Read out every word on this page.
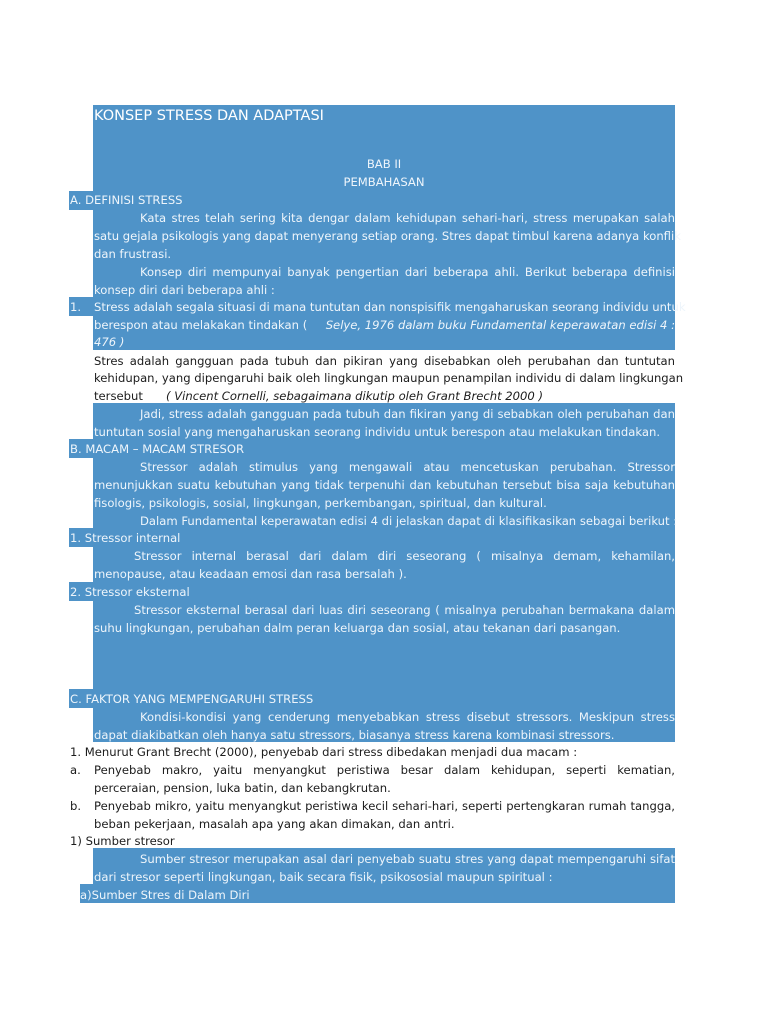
KONSEP STRESS DAN ADAPTASI
BAB II
PEMBAHASAN
A. DEFINISI STRESS
Kata stres telah sering kita dengar dalam kehidupan sehari-hari, stress merupakan salah
satu gejala psikologis yang dapat menyerang setiap orang. Stres dapat timbul karena adanya konflik
dan frustrasi.
Konsep diri mempunyai banyak pengertian dari beberapa ahli. Berikut beberapa definisi
konsep diri dari beberapa ahli :
1. Stress adalah segala situasi di mana tuntutan dan nonspisifik mengaharuskan seorang individu untuk
berespon atau melakakan tindakan ( Selye, 1976 dalam buku Fundamental keperawatan edisi 4 :
476 )
Stres adalah gangguan pada tubuh dan pikiran yang disebabkan oleh perubahan dan tuntutan
kehidupan, yang dipengaruhi baik oleh lingkungan maupun penampilan individu di dalam lingkungan
tersebut ( Vincent Cornelli, sebagaimana dikutip oleh Grant Brecht 2000 )
Jadi, stress adalah gangguan pada tubuh dan fikiran yang di sebabkan oleh perubahan dan
tuntutan sosial yang mengaharuskan seorang individu untuk berespon atau melakukan tindakan.
B. MACAM – MACAM STRESOR
Stressor adalah stimulus yang mengawali atau mencetuskan perubahan. Stressor
menunjukkan suatu kebutuhan yang tidak terpenuhi dan kebutuhan tersebut bisa saja kebutuhan
fisologis, psikologis, sosial, lingkungan, perkembangan, spiritual, dan kultural.
Dalam Fundamental keperawatan edisi 4 di jelaskan dapat di klasifikasikan sebagai berikut :
1. Stressor internal
Stressor internal berasal dari dalam diri seseorang ( misalnya demam, kehamilan,
menopause, atau keadaan emosi dan rasa bersalah ).
2. Stressor eksternal
Stressor eksternal berasal dari luas diri seseorang ( misalnya perubahan bermakana dalam
suhu lingkungan, perubahan dalm peran keluarga dan sosial, atau tekanan dari pasangan.
C. FAKTOR YANG MEMPENGARUHI STRESS
Kondisi-kondisi yang cenderung menyebabkan stress disebut stressors. Meskipun stress
dapat diakibatkan oleh hanya satu stressors, biasanya stress karena kombinasi stressors.
1. Menurut Grant Brecht (2000), penyebab dari stress dibedakan menjadi dua macam :
a. Penyebab makro, yaitu menyangkut peristiwa besar dalam kehidupan, seperti kematian,
perceraian, pension, luka batin, dan kebangkrutan.
b. Penyebab mikro, yaitu menyangkut peristiwa kecil sehari-hari, seperti pertengkaran rumah tangga,
beban pekerjaan, masalah apa yang akan dimakan, dan antri.
1) Sumber stresor
Sumber stresor merupakan asal dari penyebab suatu stres yang dapat mempengaruhi sifat
dari stresor seperti lingkungan, baik secara fisik, psikososial maupun spiritual :
a)Sumber Stres di Dalam Diri
